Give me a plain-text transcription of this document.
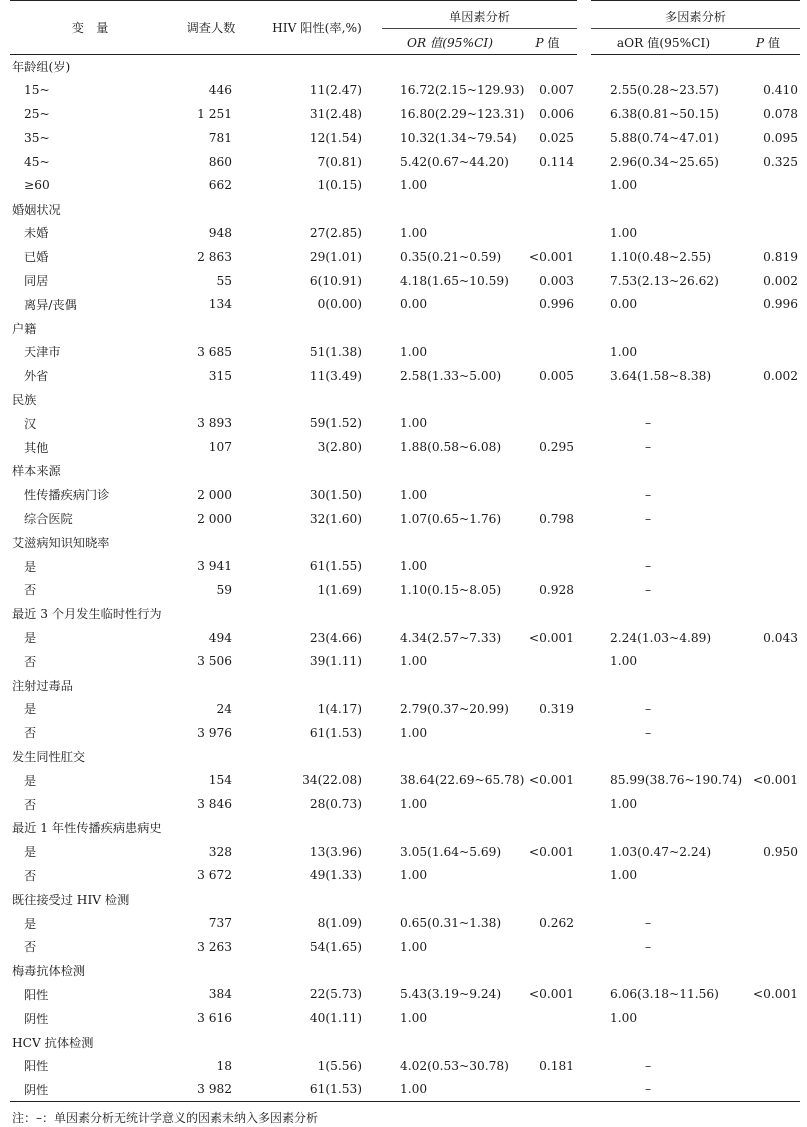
变　量	调查人数	HIV 阳性(率,%)	单因素分析		多因素分析	
			OR 值(95%CI)	P 值	aOR 值(95%CI)	P 值
年龄组(岁)						
15~	446	11(2.47)	16.72(2.15~129.93)	0.007	2.55(0.28~23.57)	0.410
25~	1 251	31(2.48)	16.80(2.29~123.31)	0.006	6.38(0.81~50.15)	0.078
35~	781	12(1.54)	10.32(1.34~79.54)	0.025	5.88(0.74~47.01)	0.095
45~	860	7(0.81)	5.42(0.67~44.20)	0.114	2.96(0.34~25.65)	0.325
≥60	662	1(0.15)	1.00		1.00	
婚姻状况						
未婚	948	27(2.85)	1.00		1.00	
已婚	2 863	29(1.01)	0.35(0.21~0.59)	<0.001	1.10(0.48~2.55)	0.819
同居	55	6(10.91)	4.18(1.65~10.59)	0.003	7.53(2.13~26.62)	0.002
离异/丧偶	134	0(0.00)	0.00	0.996	0.00	0.996
户籍						
天津市	3 685	51(1.38)	1.00		1.00	
外省	315	11(3.49)	2.58(1.33~5.00)	0.005	3.64(1.58~8.38)	0.002
民族						
汉	3 893	59(1.52)	1.00		–	
其他	107	3(2.80)	1.88(0.58~6.08)	0.295	–	
样本来源						
性传播疾病门诊	2 000	30(1.50)	1.00		–	
综合医院	2 000	32(1.60)	1.07(0.65~1.76)	0.798	–	
艾滋病知识知晓率						
是	3 941	61(1.55)	1.00		–	
否	59	1(1.69)	1.10(0.15~8.05)	0.928	–	
最近 3 个月发生临时性行为						
是	494	23(4.66)	4.34(2.57~7.33)	<0.001	2.24(1.03~4.89)	0.043
否	3 506	39(1.11)	1.00		1.00	
注射过毒品						
是	24	1(4.17)	2.79(0.37~20.99)	0.319	–	
否	3 976	61(1.53)	1.00		–	
发生同性肛交						
是	154	34(22.08)	38.64(22.69~65.78)	<0.001	85.99(38.76~190.74)	<0.001
否	3 846	28(0.73)	1.00		1.00	
最近 1 年性传播疾病患病史						
是	328	13(3.96)	3.05(1.64~5.69)	<0.001	1.03(0.47~2.24)	0.950
否	3 672	49(1.33)	1.00		1.00	
既往接受过 HIV 检测						
是	737	8(1.09)	0.65(0.31~1.38)	0.262	–	
否	3 263	54(1.65)	1.00		–	
梅毒抗体检测						
阳性	384	22(5.73)	5.43(3.19~9.24)	<0.001	6.06(3.18~11.56)	<0.001
阴性	3 616	40(1.11)	1.00		1.00	
HCV 抗体检测						
阳性	18	1(5.56)	4.02(0.53~30.78)	0.181	–	
阴性	3 982	61(1.53)	1.00		–	
注：–：单因素分析无统计学意义的因素未纳入多因素分析
